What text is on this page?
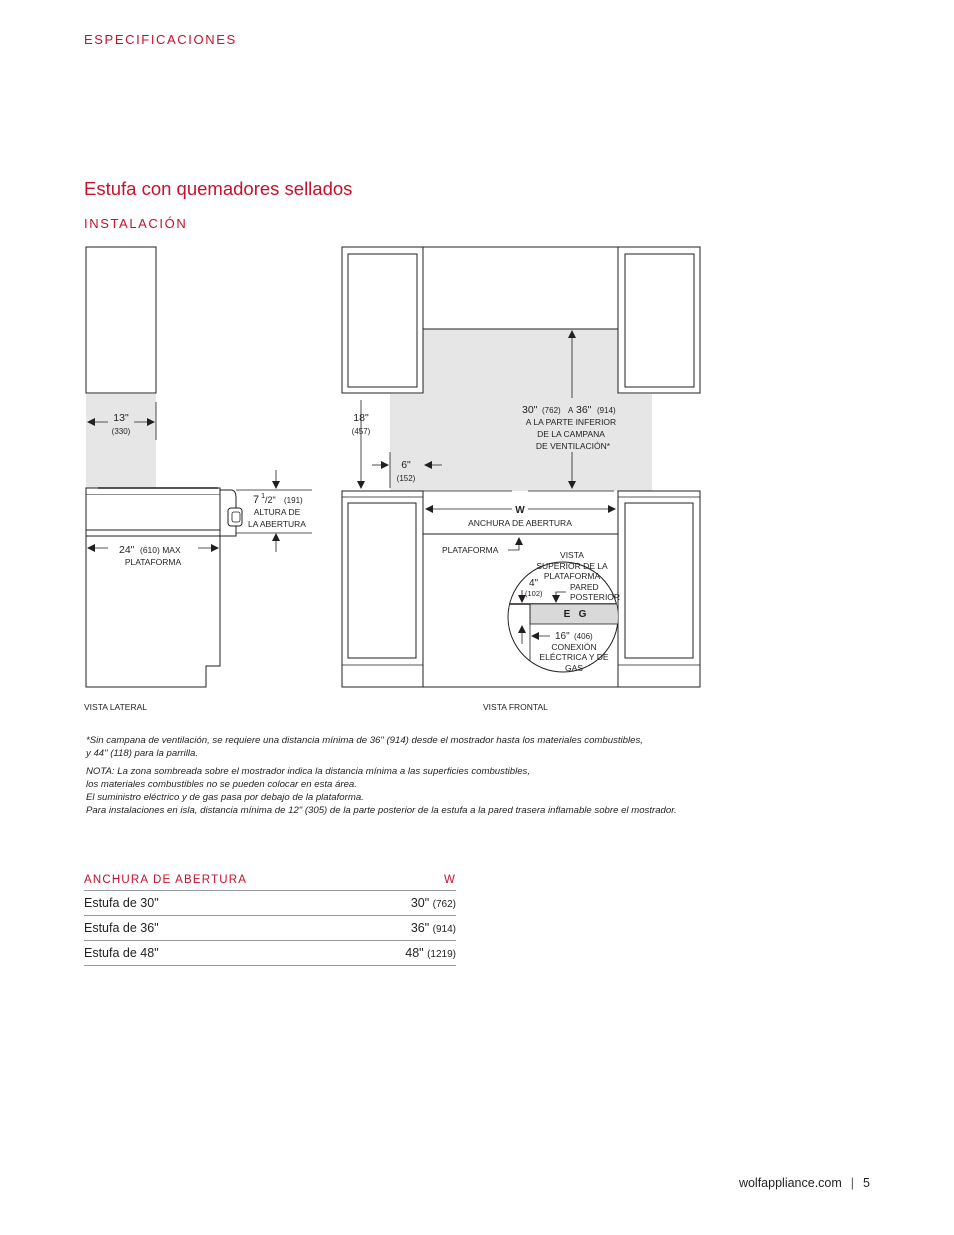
ESPECIFICACIONES
Estufa con quemadores sellados
INSTALACIÓN
13"
(330)
7 1 /2" (191)
ALTURA DE
LA ABERTURA
24" (610) MAX
PLATAFORMA
VISTA LATERAL
18"
(457)
6"
(152)
30" (762) A 36" (914)
A LA PARTE INFERIOR
DE LA CAMPANA
DE VENTILACIÓN*
W
ANCHURA DE ABERTURA
PLATAFORMA	VISTA
SUPERIOR DE LA
PLATAFORMA
4"
(102)
PARED
POSTERIOR
E   G
16" (406)
CONEXIÓN
ELÉCTRICA Y DE
GAS
VISTA FRONTAL
*Sin campana de ventilación, se requiere una distancia mínima de 36" (914) desde el mostrador hasta los materiales combustibles,
y 44" (118) para la parrilla.
NOTA: La zona sombreada sobre el mostrador indica la distancia mínima a las superficies combustibles,
los materiales combustibles no se pueden colocar en esta área.
El suministro eléctrico y de gas pasa por debajo de la plataforma.
Para instalaciones en isla, distancia mínima de 12" (305) de la parte posterior de la estufa a la pared trasera inflamable sobre el mostrador.
ANCHURA DE ABERTURA	W
Estufa de 30"	30" (762)
Estufa de 36"	36" (914)
Estufa de 48"	48" (1219)
wolfappliance.com | 5
